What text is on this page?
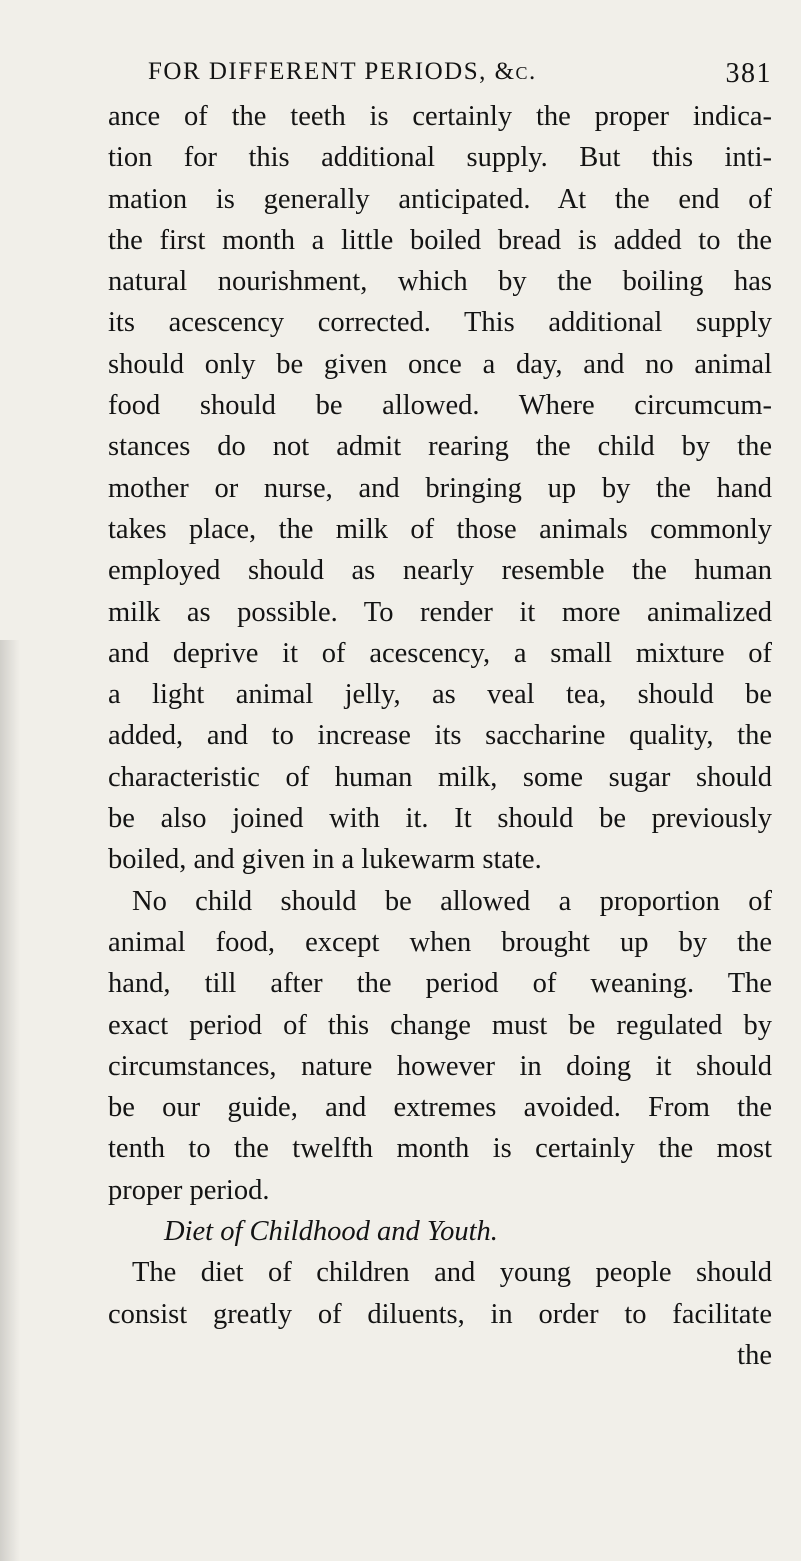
FOR DIFFERENT PERIODS, &c.	381
ance of the teeth is certainly the proper indica-
tion for this additional supply. But this inti-
mation is generally anticipated. At the end of
the first month a little boiled bread is added to the
natural nourishment, which by the boiling has
its acescency corrected. This additional supply
should only be given once a day, and no animal
food should be allowed. Where circumcum-
stances do not admit rearing the child by the
mother or nurse, and bringing up by the hand
takes place, the milk of those animals commonly
employed should as nearly resemble the human
milk as possible. To render it more animalized
and deprive it of acescency, a small mixture of
a light animal jelly, as veal tea, should be
added, and to increase its saccharine quality, the
characteristic of human milk, some sugar should
be also joined with it. It should be previously
boiled, and given in a lukewarm state.
No child should be allowed a proportion of
animal food, except when brought up by the
hand, till after the period of weaning. The
exact period of this change must be regulated by
circumstances, nature however in doing it should
be our guide, and extremes avoided. From the
tenth to the twelfth month is certainly the most
proper period.
Diet of Childhood and Youth.
The diet of children and young people should
consist greatly of diluents, in order to facilitate
the
